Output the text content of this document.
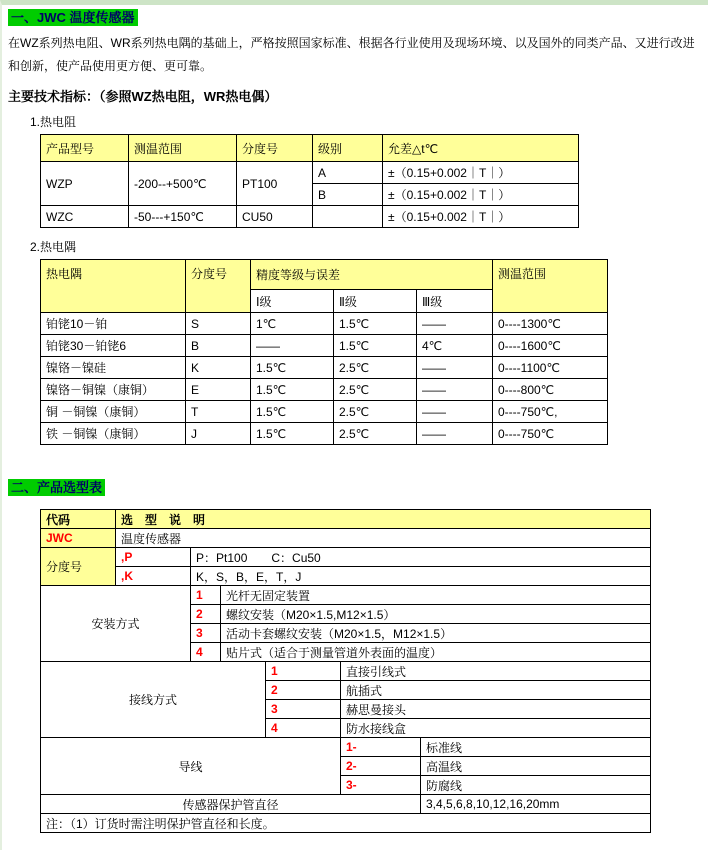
一、JWC 温度传感器

在WZ系列热电阻、WR系列热电隅的基础上，严格按照国家标准、根据各行业使用及现场环境、以及国外的同类产品、又进行改进和创新，使产品使用更方便、更可靠。

主要技术指标：（参照WZ热电阻，WR热电偶）
1.热电阻
产品型号	测温范围	分度号	级别	允差△t℃
WZP	-200--+500℃	PT100	A	±（0.15+0.002｜T｜）
			B	±（0.15+0.002｜T｜）
WZC	-50---+150℃	CU50		±（0.15+0.002｜T｜）
2.热电隅
热电隅	分度号	精度等级与误差			测温范围
		Ⅰ级	Ⅱ级	Ⅲ级	
铂铑10－铂	S	1℃	1.5℃	——	0----1300℃
铂铑30－铂铑6	B	——	1.5℃	4℃	0----1600℃
镍铬－镍硅	K	1.5℃	2.5℃	——	0----1100℃
镍铬－铜镍（康铜）	E	1.5℃	2.5℃	——	0----800℃
铜 －铜镍（康铜）	T	1.5℃	2.5℃	——	0----750℃,
铁 －铜镍（康铜）	J	1.5℃	2.5℃	——	0----750℃
二、产品选型表
代码	选　型　说　明					
JWC	温度传感器					
分度号	,P	P：Pt100　　C：Cu50				
	,K	K，S，B，E，T，J				
安装方式		1	光杆无固定装置			
		2	螺纹安装（M20×1.5,M12×1.5）			
		3	活动卡套螺纹安装（M20×1.5，M12×1.5）			
		4	贴片式（适合于测量管道外表面的温度）			
接线方式				1	直接引线式	
				2	航插式	
				3	赫思曼接头	
				4	防水接线盒	
导线					1-	标准线
					2-	高温线
					3-	防腐线
传感器保护管直径						3,4,5,6,8,10,12,16,20mm
注：（1）订货时需注明保护管直径和长度。						
